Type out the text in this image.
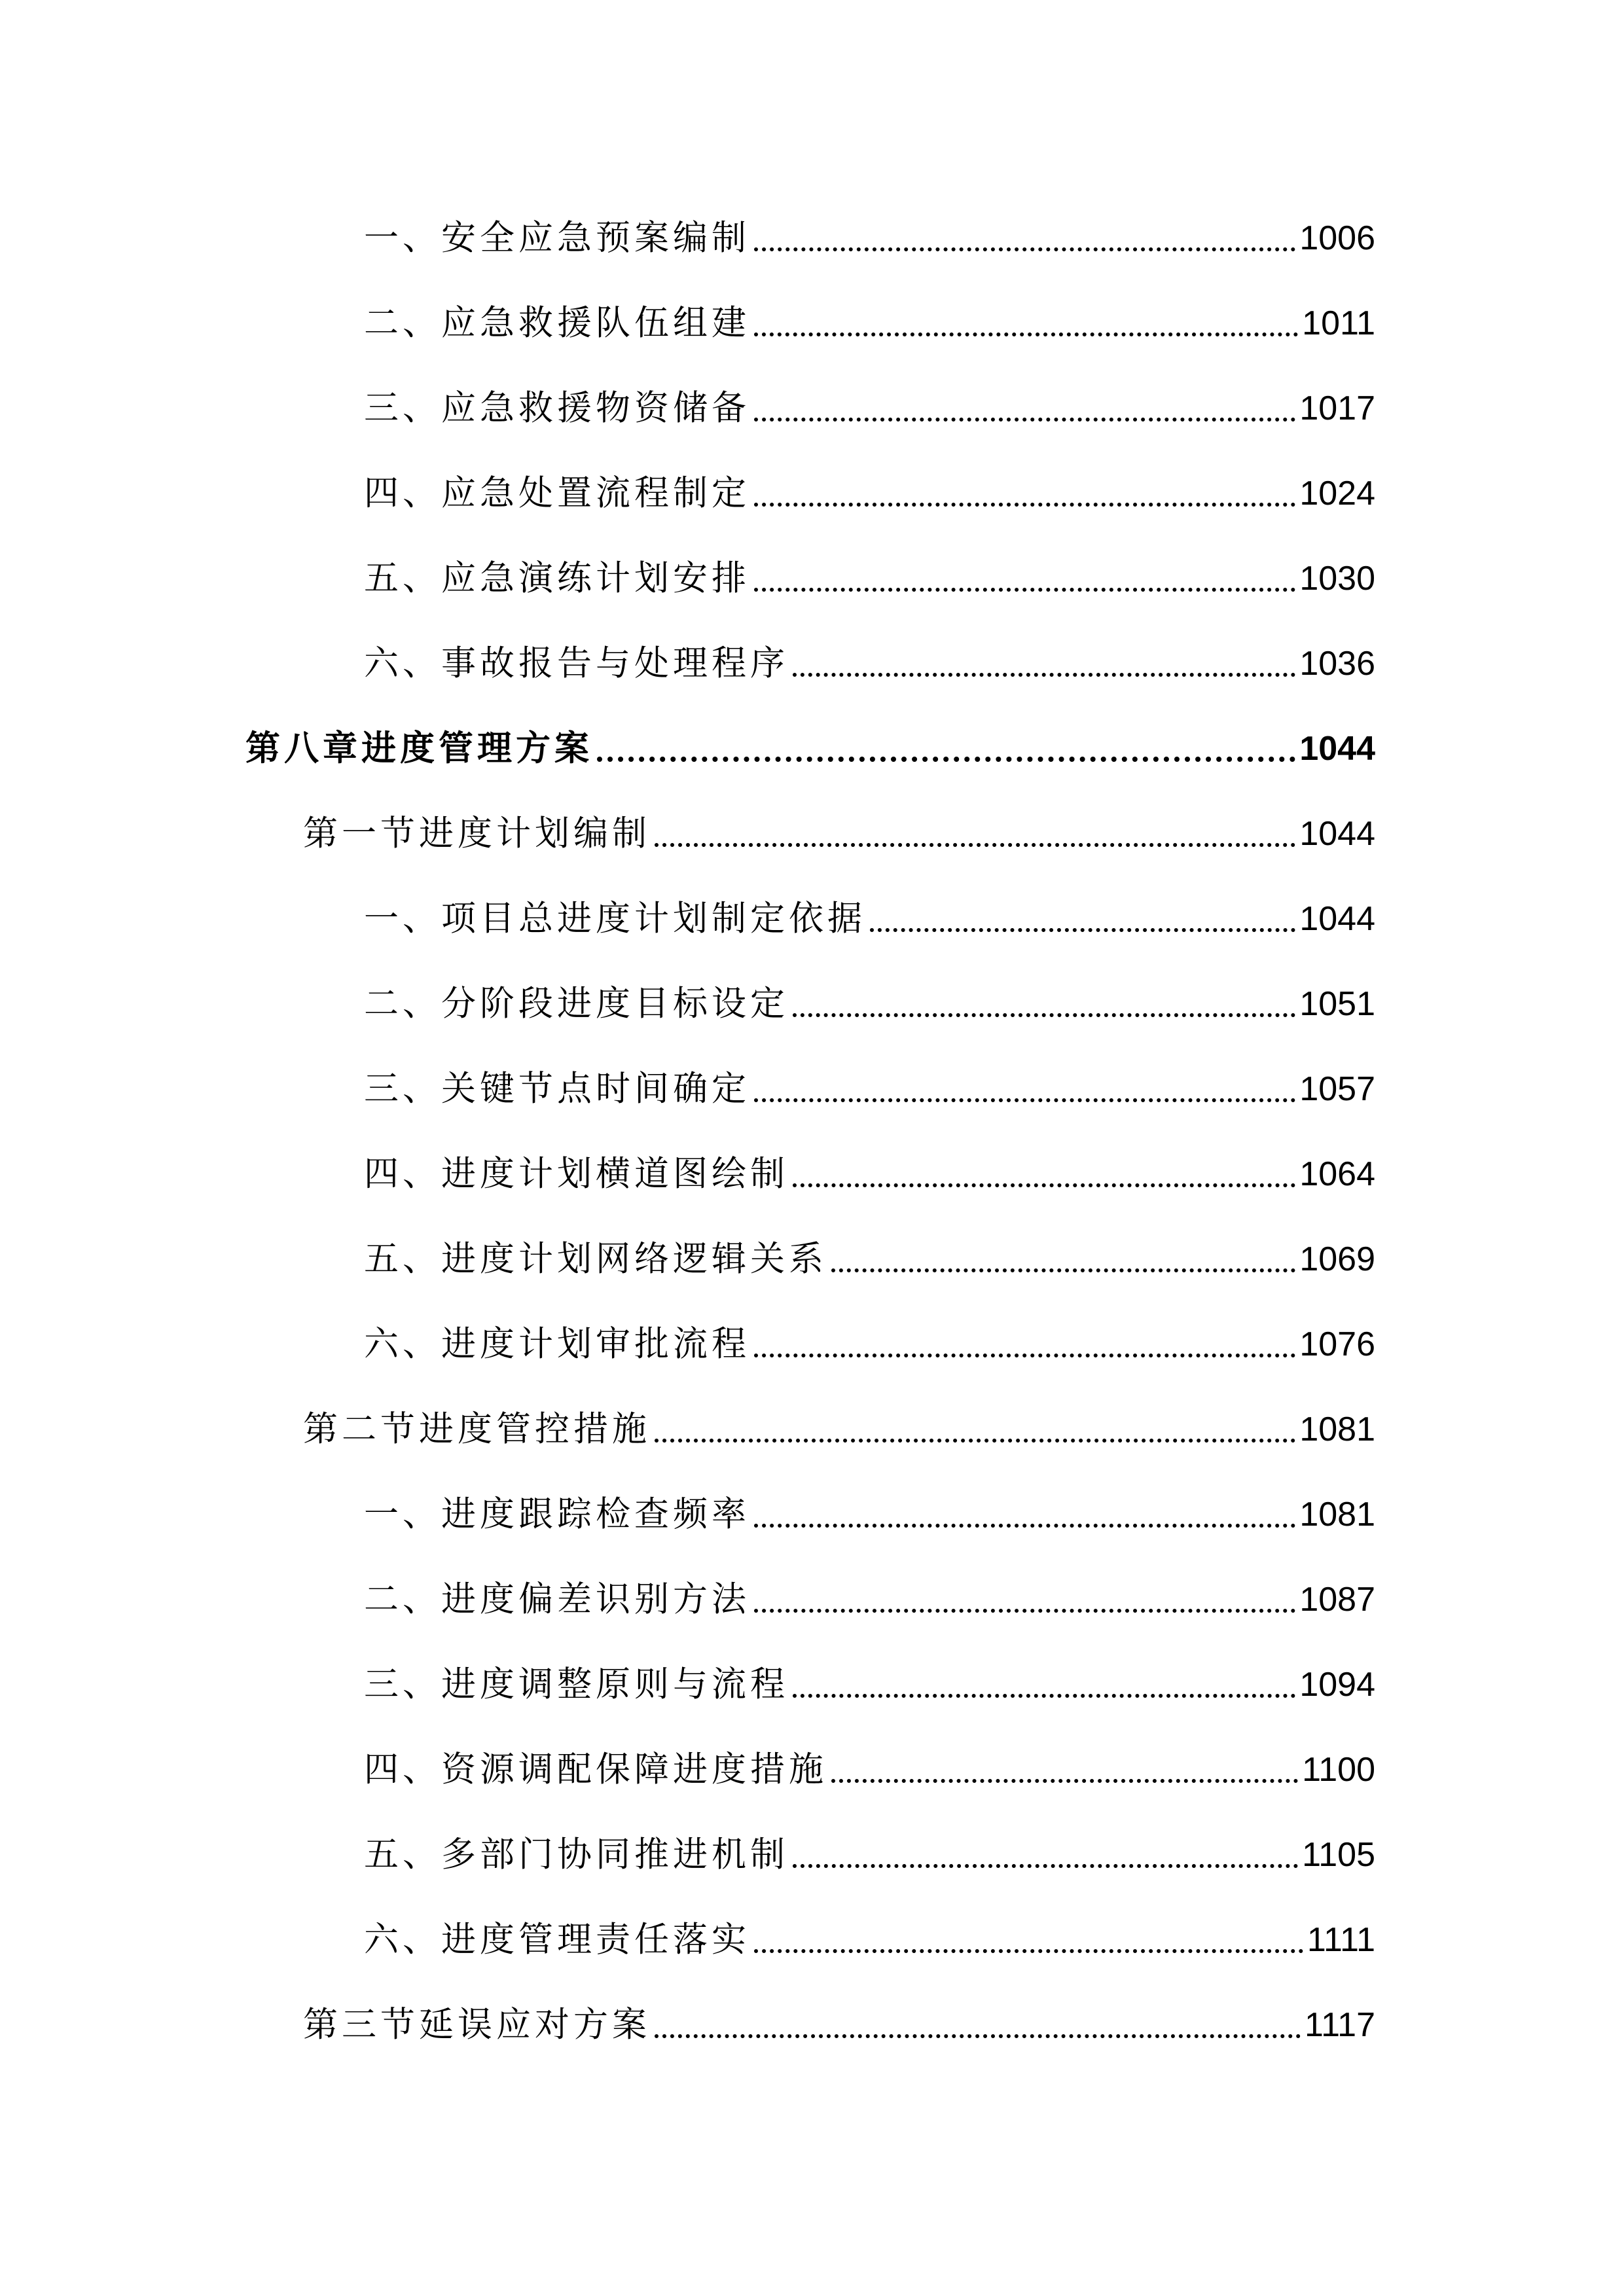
一、安全应急预案编制	1006
二、应急救援队伍组建	1011
三、应急救援物资储备	1017
四、应急处置流程制定	1024
五、应急演练计划安排	1030
六、事故报告与处理程序	1036
第八章进度管理方案	1044
第一节进度计划编制	1044
一、项目总进度计划制定依据	1044
二、分阶段进度目标设定	1051
三、关键节点时间确定	1057
四、进度计划横道图绘制	1064
五、进度计划网络逻辑关系	1069
六、进度计划审批流程	1076
第二节进度管控措施	1081
一、进度跟踪检查频率	1081
二、进度偏差识别方法	1087
三、进度调整原则与流程	1094
四、资源调配保障进度措施	1100
五、多部门协同推进机制	1105
六、进度管理责任落实	1111
第三节延误应对方案	1117
